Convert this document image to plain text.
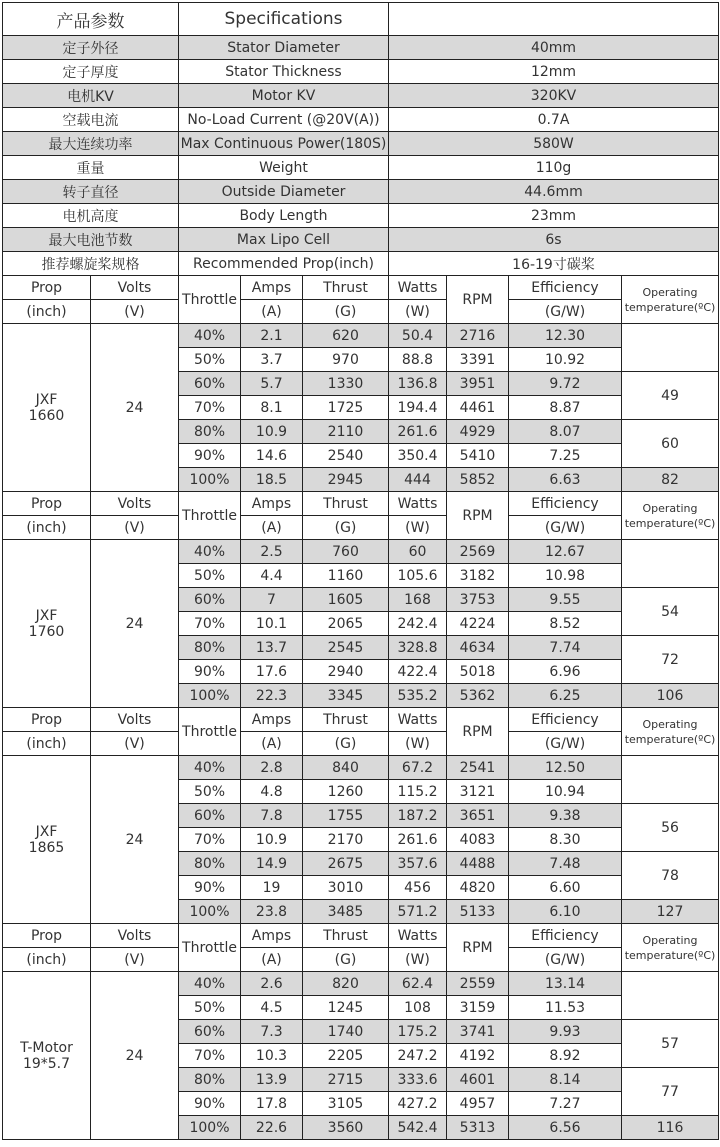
产品参数		Specifications						
定子外径		Stator Diameter			40mm			
定子厚度		Stator Thickness			12mm			
电机KV		Motor KV			320KV			
空载电流		No-Load Current (@20V(A))			0.7A			
最大连续功率		Max Continuous Power(180S)			580W			
重量		Weight			110g			
转子直径		Outside Diameter			44.6mm			
电机高度		Body Length			23mm			
最大电池节数		Max Lipo Cell			6s			
推荐螺旋桨规格		Recommended Prop(inch)			16-19寸碳桨			
Prop	Volts	Throttle	Amps	Thrust	Watts	RPM	Efficiency	Operating
temperature(ºC)

(inch)	(V)		(A)	(G)	(W)		(G/W)	

JXF
1660	24	40%	2.1	620	50.4	2716	12.30	
		50%	3.7	970	88.8	3391	10.92	
		60%	5.7	1330	136.8	3951	9.72	49
		70%	8.1	1725	194.4	4461	8.87	
		80%	10.9	2110	261.6	4929	8.07	60
		90%	14.6	2540	350.4	5410	7.25	
		100%	18.5	2945	444	5852	6.63	82
Prop	Volts	Throttle	Amps	Thrust	Watts	RPM	Efficiency	Operating
temperature(ºC)

(inch)	(V)		(A)	(G)	(W)		(G/W)	

JXF
1760	24	40%	2.5	760	60	2569	12.67	
		50%	4.4	1160	105.6	3182	10.98	
		60%	7	1605	168	3753	9.55	54
		70%	10.1	2065	242.4	4224	8.52	
		80%	13.7	2545	328.8	4634	7.74	72
		90%	17.6	2940	422.4	5018	6.96	
		100%	22.3	3345	535.2	5362	6.25	106
Prop	Volts	Throttle	Amps	Thrust	Watts	RPM	Efficiency	Operating
temperature(ºC)

(inch)	(V)		(A)	(G)	(W)		(G/W)	

JXF
1865	24	40%	2.8	840	67.2	2541	12.50	
		50%	4.8	1260	115.2	3121	10.94	
		60%	7.8	1755	187.2	3651	9.38	56
		70%	10.9	2170	261.6	4083	8.30	
		80%	14.9	2675	357.6	4488	7.48	78
		90%	19	3010	456	4820	6.60	
		100%	23.8	3485	571.2	5133	6.10	127
Prop	Volts	Throttle	Amps	Thrust	Watts	RPM	Efficiency	Operating
temperature(ºC)

(inch)	(V)		(A)	(G)	(W)		(G/W)	

T-Motor
19*5.7	24	40%	2.6	820	62.4	2559	13.14	
		50%	4.5	1245	108	3159	11.53	
		60%	7.3	1740	175.2	3741	9.93	57
		70%	10.3	2205	247.2	4192	8.92	
		80%	13.9	2715	333.6	4601	8.14	77
		90%	17.8	3105	427.2	4957	7.27	
		100%	22.6	3560	542.4	5313	6.56	116
